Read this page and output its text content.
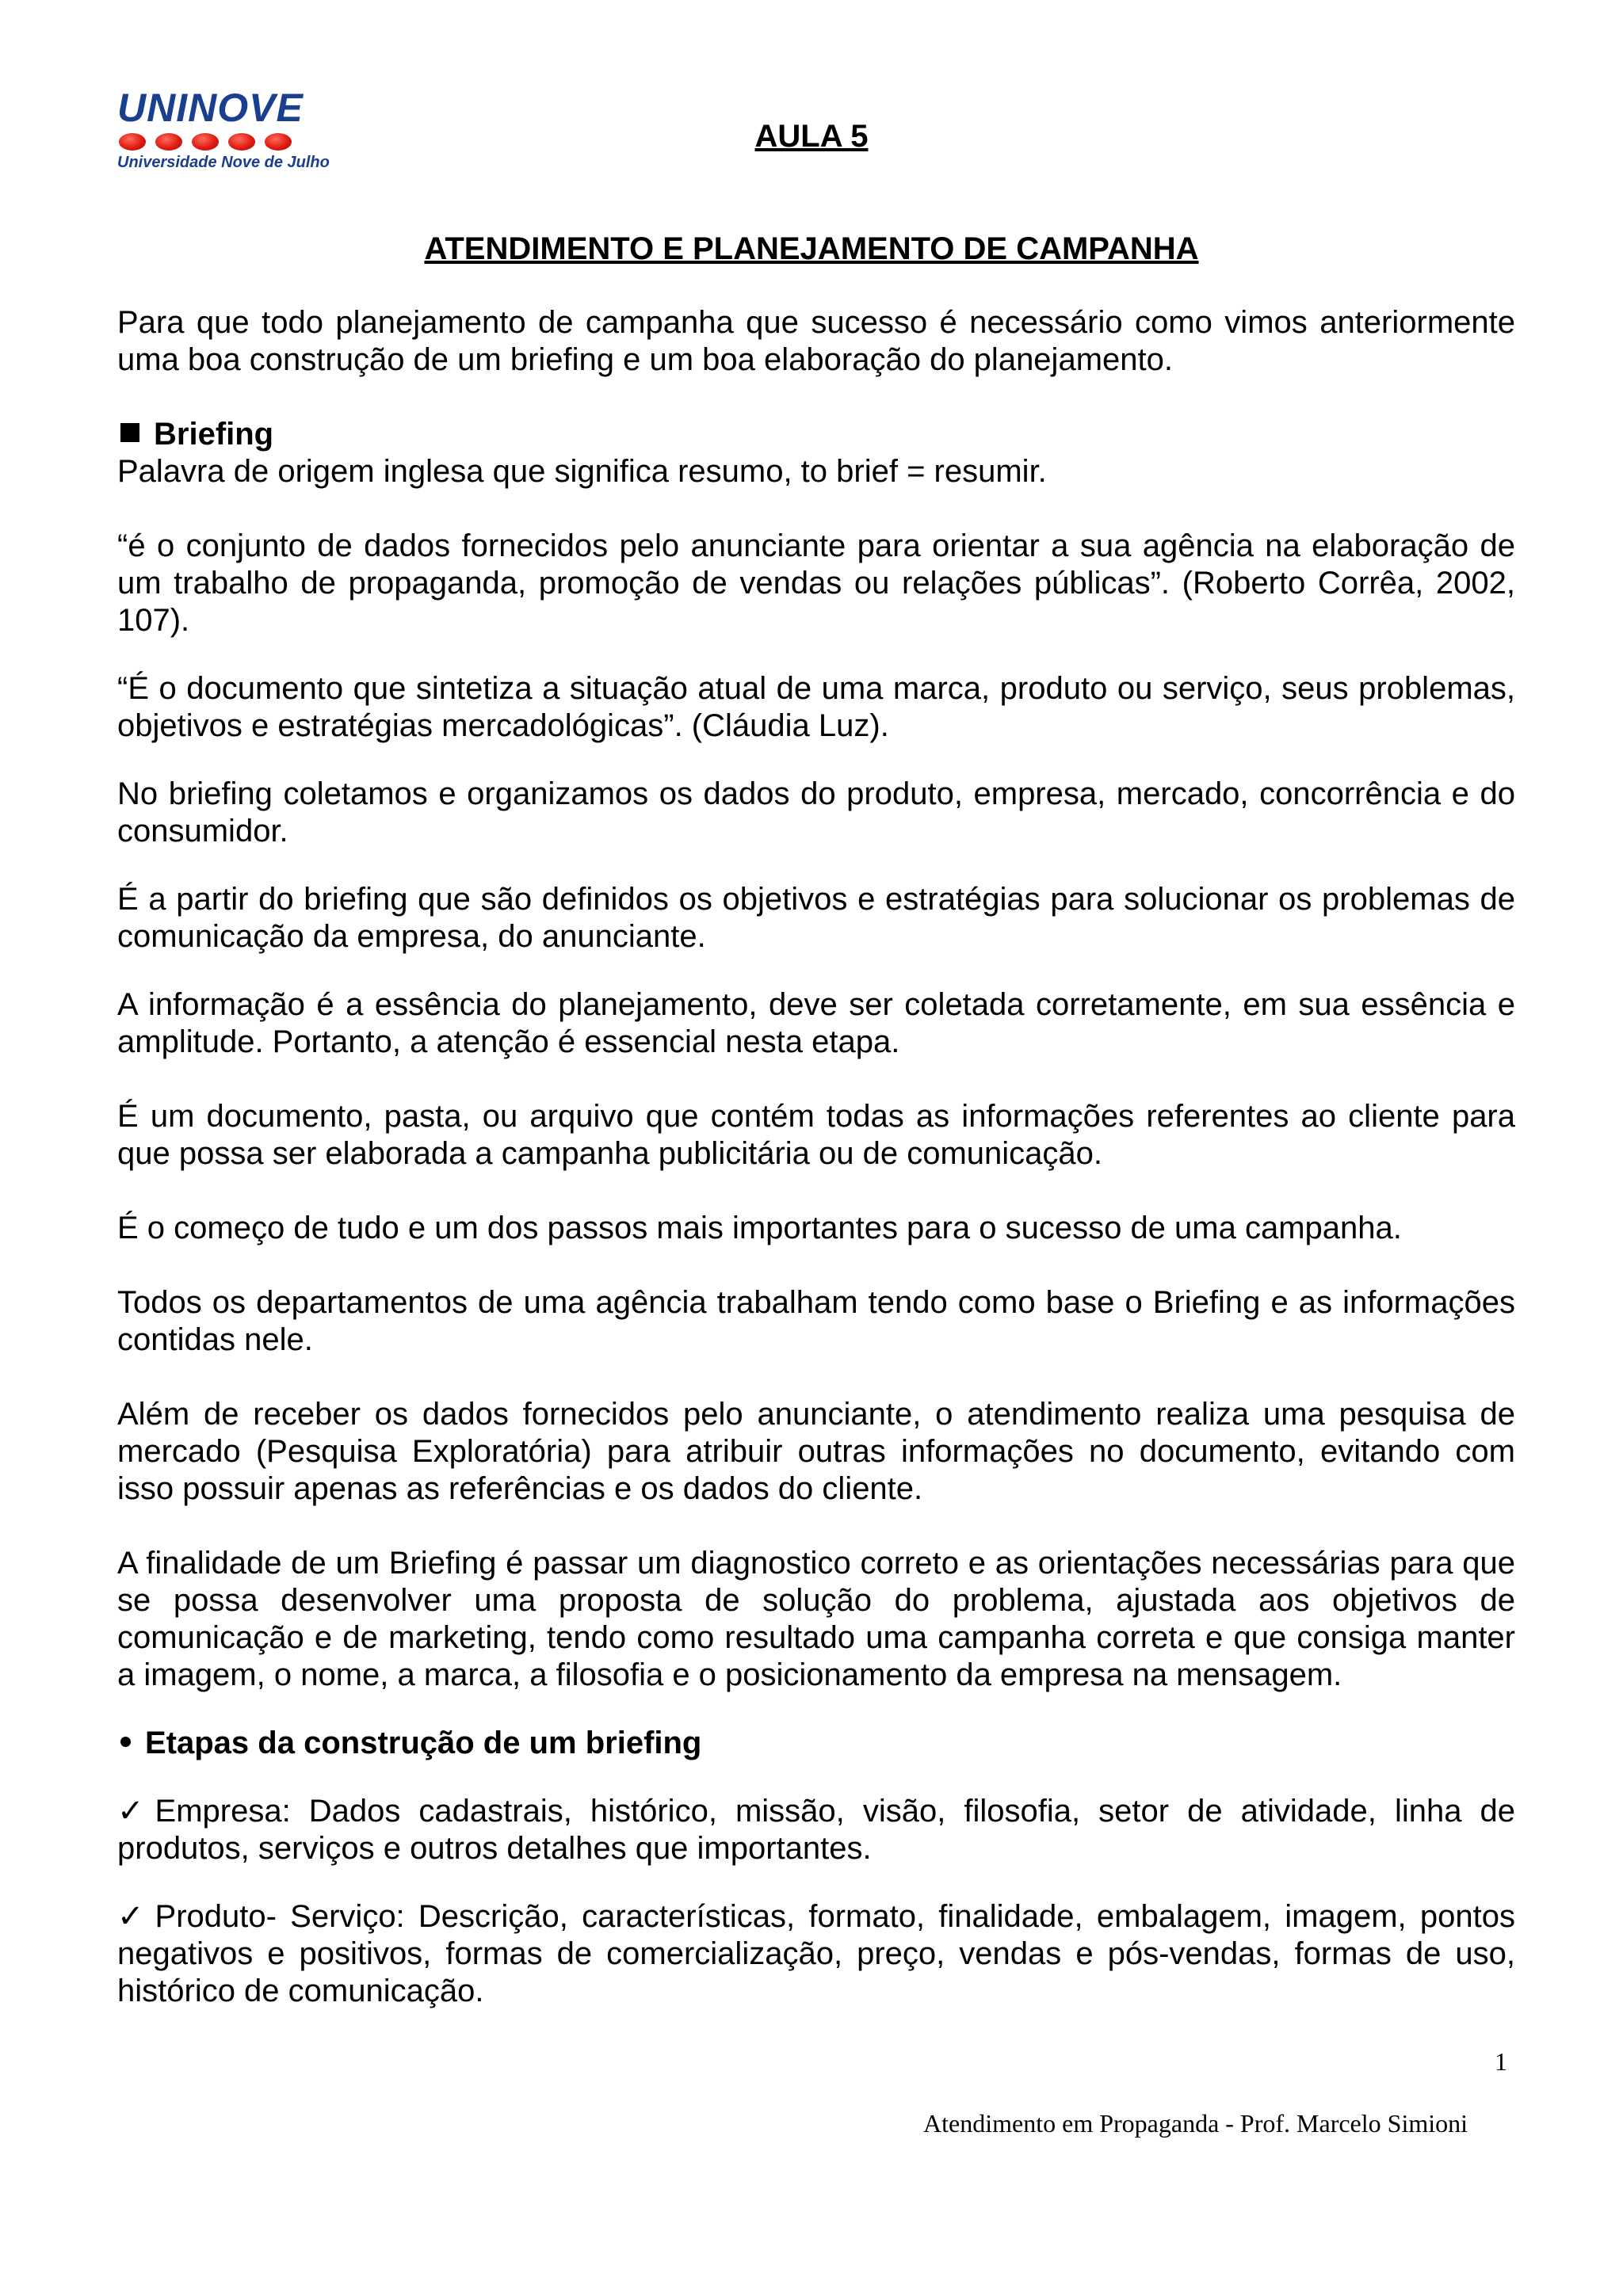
UNINOVE
Universidade Nove de Julho
AULA 5
ATENDIMENTO E PLANEJAMENTO DE CAMPANHA

Para que todo planejamento de campanha que sucesso é necessário como vimos anteriormente uma boa construção de um briefing e um boa elaboração do planejamento.

Briefing

Palavra de origem inglesa que significa resumo, to brief = resumir.

“é o conjunto de dados fornecidos pelo anunciante para orientar a sua agência na elaboração de um trabalho de propaganda, promoção de vendas ou relações públicas”. (Roberto Corrêa, 2002, 107).

“É o documento que sintetiza a situação atual de uma marca, produto ou serviço, seus problemas, objetivos e estratégias mercadológicas”. (Cláudia Luz).

No briefing coletamos e organizamos os dados do produto, empresa, mercado, concorrência e do consumidor.

É a partir do briefing que são definidos os objetivos e estratégias para solucionar os problemas de comunicação da empresa, do anunciante.

A informação é a essência do planejamento, deve ser coletada corretamente, em sua essência e amplitude. Portanto, a atenção é essencial nesta etapa.

É um documento, pasta, ou arquivo que contém todas as informações referentes ao cliente para que possa ser elaborada a campanha publicitária ou de comunicação.

É o começo de tudo e um dos passos mais importantes para o sucesso de uma campanha.

Todos os departamentos de uma agência trabalham tendo como base o Briefing e as informações contidas nele.

Além de receber os dados fornecidos pelo anunciante, o atendimento realiza uma pesquisa de mercado (Pesquisa Exploratória) para atribuir outras informações no documento, evitando com isso possuir apenas as referências e os dados do cliente.

A finalidade de um Briefing é passar um diagnostico correto e as orientações necessárias para que se possa desenvolver uma proposta de solução do problema, ajustada aos objetivos de comunicação e de marketing, tendo como resultado uma campanha correta e que consiga manter a imagem, o nome, a marca, a filosofia e o posicionamento da empresa na mensagem.

Etapas da construção de um briefing

✓ Empresa: Dados cadastrais, histórico, missão, visão, filosofia, setor de atividade, linha de produtos, serviços e outros detalhes que importantes.

✓ Produto- Serviço: Descrição, características, formato, finalidade, embalagem, imagem, pontos negativos e positivos, formas de comercialização, preço, vendas e pós-vendas, formas de uso, histórico de comunicação.

1

Atendimento em Propaganda - Prof. Marcelo Simioni
